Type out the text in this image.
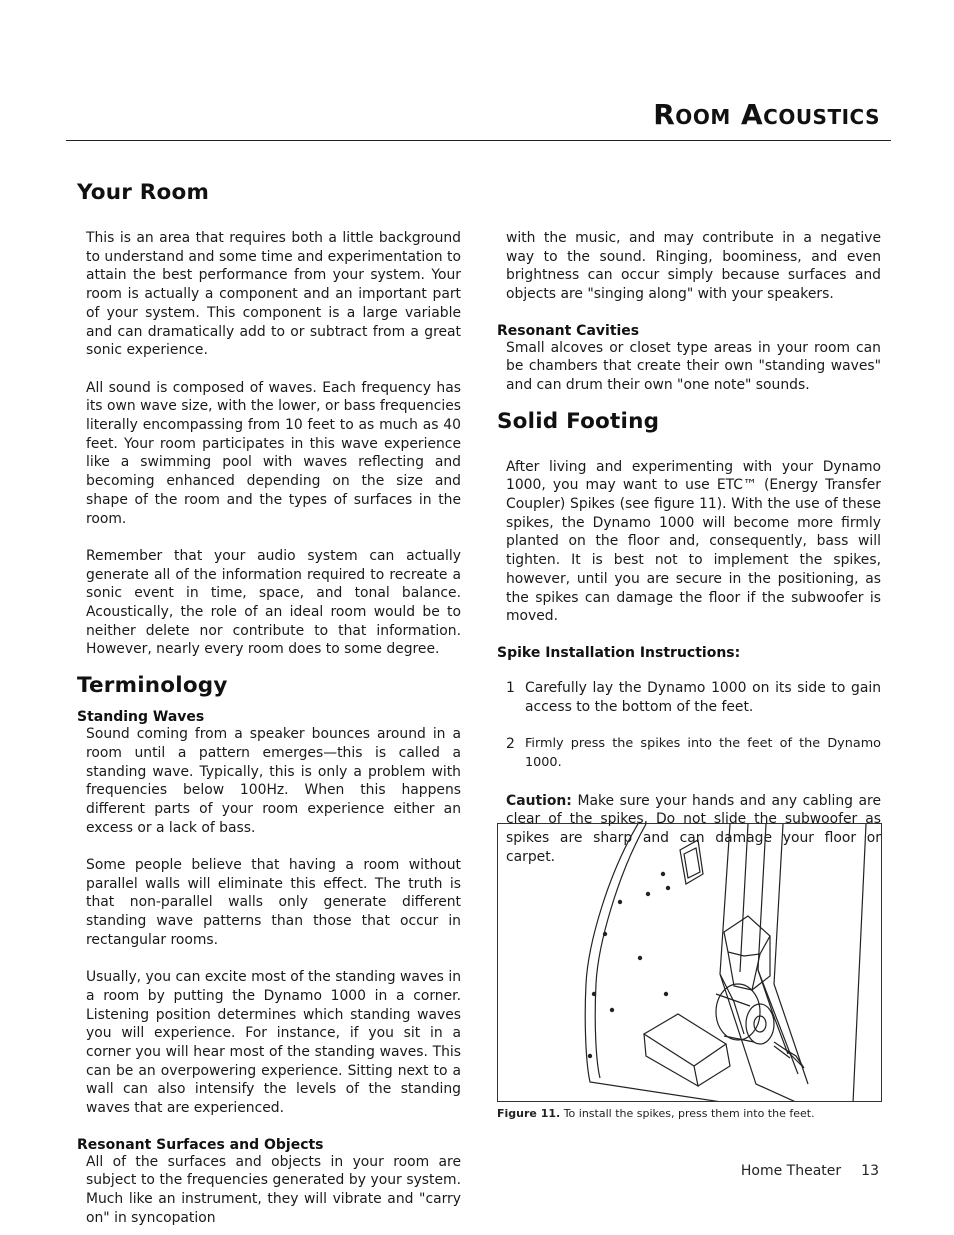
Room Acoustics
Your Room

This is an area that requires both a little background to understand and some time and experimentation to attain the best performance from your system. Your room is actually a component and an important part of your system. This component is a large variable and can dramatically add to or subtract from a great sonic experience.

All sound is composed of waves. Each frequency has its own wave size, with the lower, or bass frequencies literally encompassing from 10 feet to as much as 40 feet. Your room participates in this wave experience like a swimming pool with waves reflecting and becoming enhanced depending on the size and shape of the room and the types of surfaces in the room.

Remember that your audio system can actually generate all of the information required to recreate a sonic event in time, space, and tonal balance. Acoustically, the role of an ideal room would be to neither delete nor contribute to that information. However, nearly every room does to some degree.

Terminology
Standing Waves

Sound coming from a speaker bounces around in a room until a pattern emerges—this is called a standing wave. Typically, this is only a problem with frequencies below 100Hz. When this happens different parts of your room experience either an excess or a lack of bass.

Some people believe that having a room without parallel walls will eliminate this effect. The truth is that non-parallel walls only generate different standing wave patterns than those that occur in rectangular rooms.

Usually, you can excite most of the standing waves in a room by putting the Dynamo 1000 in a corner. Listening position determines which standing waves you will experience. For instance, if you sit in a corner you will hear most of the standing waves. This can be an overpowering experience. Sitting next to a wall can also intensify the levels of the standing waves that are experienced.

Resonant Surfaces and Objects

All of the surfaces and objects in your room are subject to the frequencies generated by your system. Much like an instrument, they will vibrate and "carry on" in syncopation

with the music, and may contribute in a negative way to the sound. Ringing, boominess, and even brightness can occur simply because surfaces and objects are "singing along" with your speakers.

Resonant Cavities

Small alcoves or closet type areas in your room can be chambers that create their own "standing waves" and can drum their own "one note" sounds.

Solid Footing

After living and experimenting with your Dynamo 1000, you may want to use ETC™ (Energy Transfer Coupler) Spikes (see figure 11). With the use of these spikes, the Dynamo 1000 will become more firmly planted on the floor and, consequently, bass will tighten. It is best not to implement the spikes, however, until you are secure in the positioning, as the spikes can damage the floor if the subwoofer is moved.

Spike Installation Instructions:
1 Carefully lay the Dynamo 1000 on its side to gain access to the bottom of the feet.
2 Firmly press the spikes into the feet of the Dynamo 1000.

Caution: Make sure your hands and any cabling are clear of the spikes. Do not slide the subwoofer as spikes are sharp and can damage your floor or carpet.

Figure 11. To install the spikes, press them into the feet.
Home Theater 13
